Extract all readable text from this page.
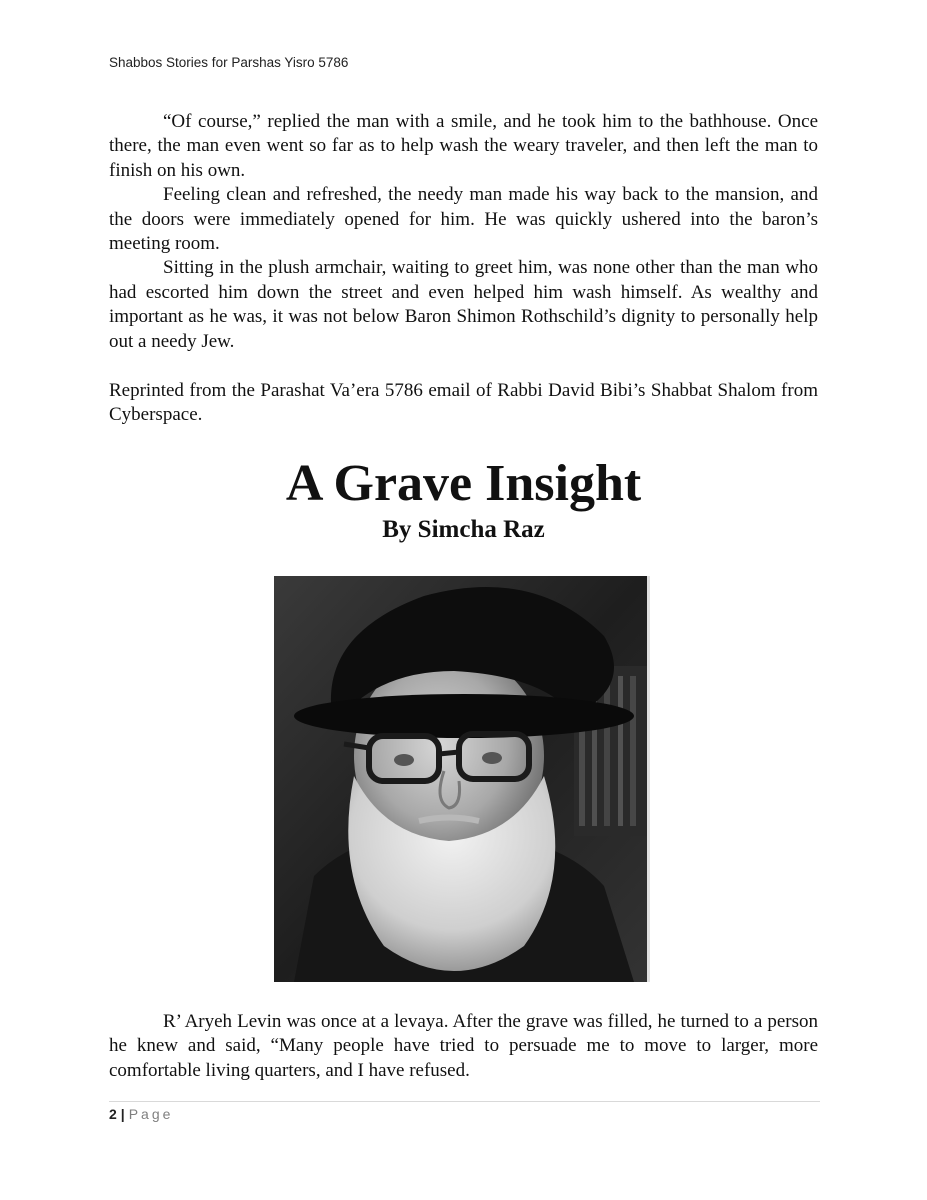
Shabbos Stories for Parshas Yisro 5786

“Of course,” replied the man with a smile, and he took him to the bathhouse. Once there, the man even went so far as to help wash the weary traveler, and then left the man to finish on his own.

Feeling clean and refreshed, the needy man made his way back to the mansion, and the doors were immediately opened for him. He was quickly ushered into the baron’s meeting room.

Sitting in the plush armchair, waiting to greet him, was none other than the man who had escorted him down the street and even helped him wash himself. As wealthy and important as he was, it was not below Baron Shimon Rothschild’s dignity to personally help out a needy Jew.

Reprinted from the Parashat Va’era 5786 email of Rabbi David Bibi’s Shabbat Shalom from Cyberspace.

A Grave Insight
By Simcha Raz

R’ Aryeh Levin was once at a levaya. After the grave was filled, he turned to a person he knew and said, “Many people have tried to persuade me to move to larger, more comfortable living quarters, and I have refused.

2 | Page
